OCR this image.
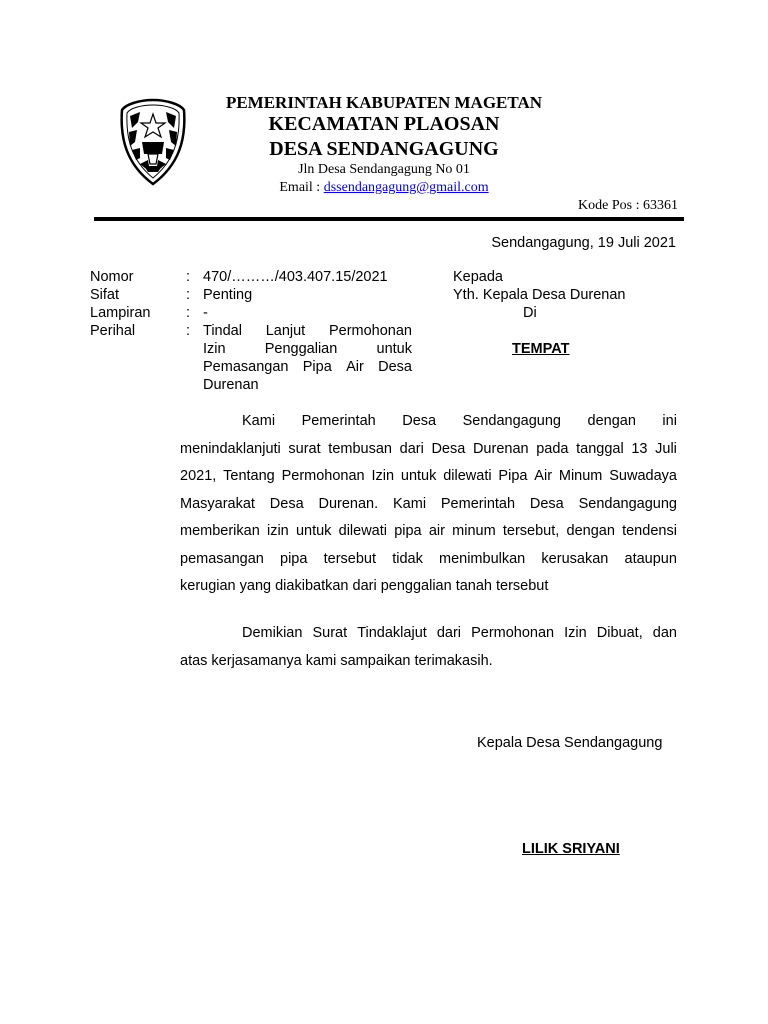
PEMERINTAH KABUPATEN MAGETAN
KECAMATAN PLAOSAN
DESA SENDANGAGUNG
Jln Desa Sendangagung No 01
Email : dssendangagung@gmail.com
Kode Pos : 63361
Sendangagung, 19 Juli 2021
Nomor	: 470/………/403.407.15/2021
Sifat	: Penting
Lampiran : -
Perihal	: Tindal Lanjut Permohonan
Izin	Penggalian	untuk
Pemasangan Pipa Air Desa
Durenan
Kepada
Yth. Kepala Desa Durenan
Di
TEMPAT
Kami Pemerintah Desa Sendangagung dengan ini
menindaklanjuti surat tembusan dari Desa Durenan pada tanggal 13 Juli
2021, Tentang Permohonan Izin untuk dilewati Pipa Air Minum Suwadaya
Masyarakat Desa Durenan. Kami Pemerintah Desa Sendangagung
memberikan izin untuk dilewati pipa air minum tersebut, dengan tendensi
pemasangan pipa tersebut tidak menimbulkan kerusakan ataupun
kerugian yang diakibatkan dari penggalian tanah tersebut
Demikian Surat Tindaklajut dari Permohonan Izin Dibuat, dan
atas kerjasamanya kami sampaikan terimakasih.
Kepala Desa Sendangagung
LILIK SRIYANI
